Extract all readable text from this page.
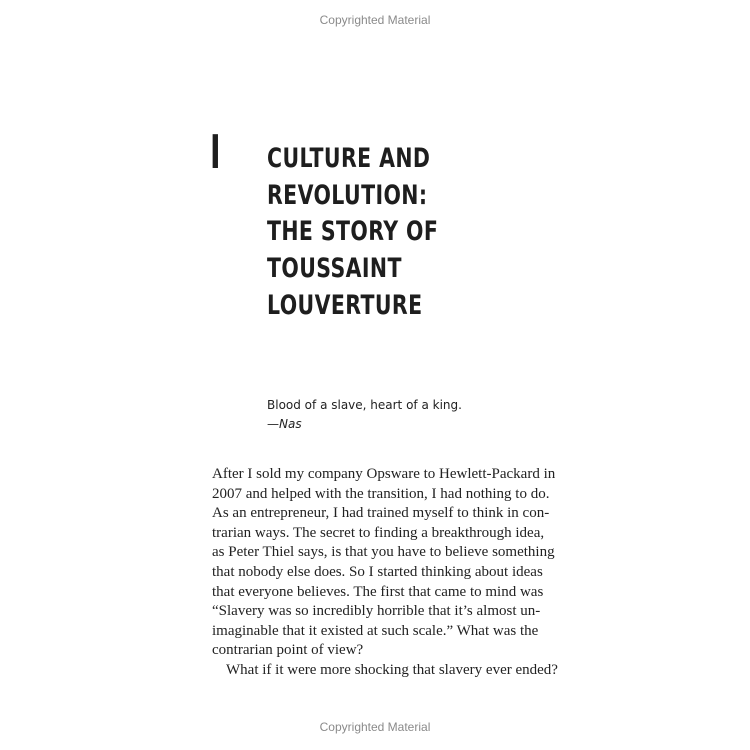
Copyrighted Material
I CULTURE AND
REVOLUTION:
THE STORY OF
TOUSSAINT
LOUVERTURE
Blood of a slave, heart of a king.
—Nas
After I sold my company Opsware to Hewlett-Packard in
2007 and helped with the transition, I had nothing to do.
As an entrepreneur, I had trained myself to think in con-
trarian ways. The secret to finding a breakthrough idea,
as Peter Thiel says, is that you have to believe something
that nobody else does. So I started thinking about ideas
that everyone believes. The first that came to mind was
“Slavery was so incredibly horrible that it’s almost un-
imaginable that it existed at such scale.” What was the
contrarian point of view?
What if it were more shocking that slavery ever ended?
Copyrighted Material
